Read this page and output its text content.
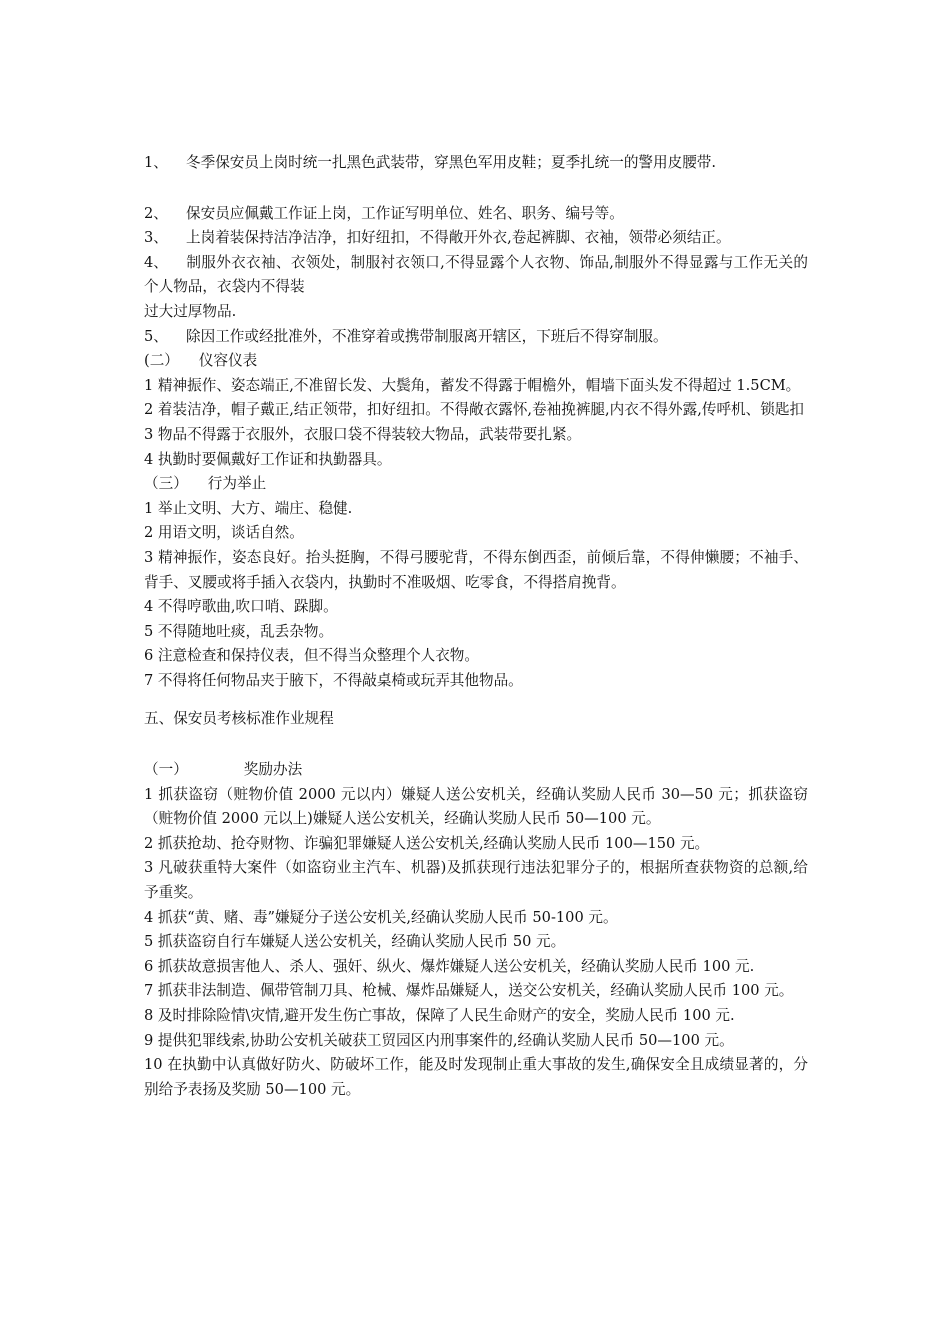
1、 冬季保安员上岗时统一扎黑色武装带，穿黑色军用皮鞋；夏季扎统一的警用皮腰带.
2、 保安员应佩戴工作证上岗，工作证写明单位、姓名、职务、编号等。
3、 上岗着装保持洁净洁净，扣好纽扣，不得敞开外衣,卷起裤脚、衣袖，领带必须结正。
4、 制服外衣衣袖、衣领处，制服衬衣领口,不得显露个人衣物、饰品,制服外不得显露与工作无关的个人物品，衣袋内不得装
过大过厚物品.
5、 除因工作或经批准外，不准穿着或携带制服离开辖区，下班后不得穿制服。
(二） 仪容仪表
1 精神振作、姿态端正,不准留长发、大鬓角，蓄发不得露于帽檐外，帽墙下面头发不得超过 1.5CM。
2 着装洁净，帽子戴正,结正领带，扣好纽扣。不得敞衣露怀,卷袖挽裤腿,内衣不得外露,传呼机、锁匙扣
3 物品不得露于衣服外，衣服口袋不得装较大物品，武装带要扎紧。
4 执勤时要佩戴好工作证和执勤器具。
（三） 行为举止
1 举止文明、大方、端庄、稳健.
2 用语文明，谈话自然。
3 精神振作，姿态良好。抬头挺胸，不得弓腰驼背，不得东倒西歪，前倾后靠，不得伸懒腰；不袖手、背手、叉腰或将手插入衣袋内，执勤时不准吸烟、吃零食，不得搭肩挽背。
4 不得哼歌曲,吹口哨、跺脚。
5 不得随地吐痰，乱丢杂物。
6 注意检查和保持仪表，但不得当众整理个人衣物。
7 不得将任何物品夹于腋下，不得敲桌椅或玩弄其他物品。
五、保安员考核标准作业规程
（一）	奖励办法
1 抓获盗窃（赃物价值 2000 元以内）嫌疑人送公安机关，经确认奖励人民币 30—50 元；抓获盗窃（赃物价值 2000 元以上)嫌疑人送公安机关，经确认奖励人民币 50—100 元。
2 抓获抢劫、抢夺财物、诈骗犯罪嫌疑人送公安机关,经确认奖励人民币 100—150 元。
3 凡破获重特大案件（如盗窃业主汽车、机器)及抓获现行违法犯罪分子的，根据所查获物资的总额,给予重奖。
4 抓获“黄、赌、毒”嫌疑分子送公安机关,经确认奖励人民币 50-100 元。
5 抓获盗窃自行车嫌疑人送公安机关，经确认奖励人民币 50 元。
6 抓获故意损害他人、杀人、强奸、纵火、爆炸嫌疑人送公安机关，经确认奖励人民币 100 元.
7 抓获非法制造、佩带管制刀具、枪械、爆炸品嫌疑人，送交公安机关，经确认奖励人民币 100 元。
8 及时排除险情\灾情,避开发生伤亡事故，保障了人民生命财产的安全，奖励人民币 100 元.
9 提供犯罪线索,协助公安机关破获工贸园区内刑事案件的,经确认奖励人民币 50—100 元。
10 在执勤中认真做好防火、防破坏工作，能及时发现制止重大事故的发生,确保安全且成绩显著的，分别给予表扬及奖励 50—100 元。
